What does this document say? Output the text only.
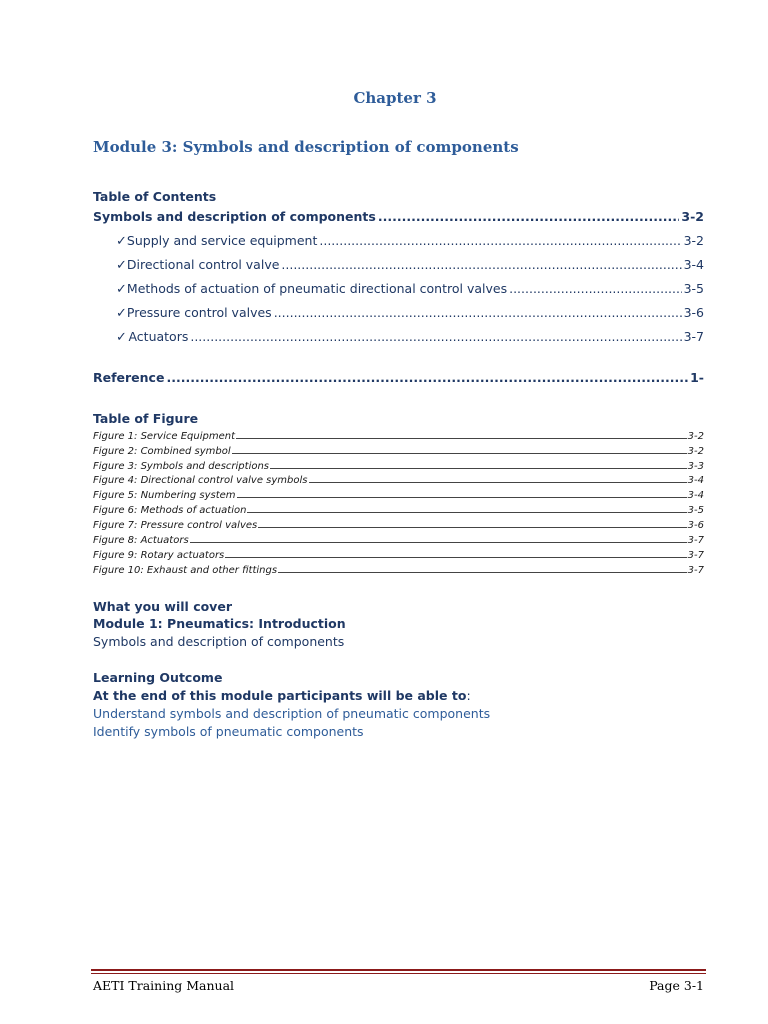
Chapter 3
Module 3: Symbols and description of components
Table of Contents
Symbols and description of components .....	3-2
✓ Supply and service equipment .....	3-2
✓ Directional control valve .....	3-4
✓ Methods of actuation of pneumatic directional control valves .....	3-5
✓ Pressure control valves .....	3-6
✓ Actuators .....	3-7
Reference .....	1-
Table of Figure
Figure 1: Service Equipment	3-2
Figure 2: Combined symbol	3-2
Figure 3: Symbols and descriptions	3-3
Figure 4: Directional control valve symbols	3-4
Figure 5: Numbering system	3-4
Figure 6: Methods of actuation	3-5
Figure 7: Pressure control valves	3-6
Figure 8: Actuators	3-7
Figure 9: Rotary actuators	3-7
Figure 10: Exhaust and other fittings	3-7
What you will cover
Module 1: Pneumatics: Introduction
Symbols and description of components
Learning Outcome
At the end of this module participants will be able to:
Understand symbols and description of pneumatic components
Identify symbols of pneumatic components
AETI Training Manual	Page 3-1
